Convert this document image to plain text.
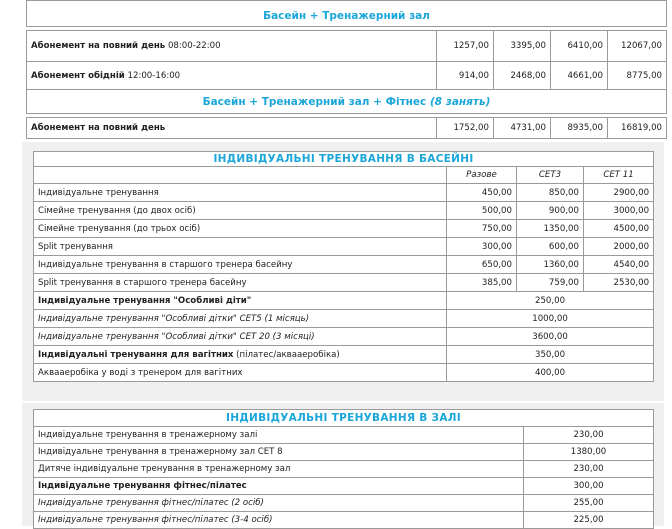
Басейн + Тренажерний зал				

Абонемент на повний день 08:00-22:00	1257,00	3395,00	6410,00	12067,00
Абонемент обідній 12:00-16:00	914,00	2468,00	4661,00	8775,00
Басейн + Тренажерний зал + Фітнес (8 занять)				

Абонемент на повний день	1752,00	4731,00	8935,00	16819,00
ІНДИВІДУАЛЬНІ ТРЕНУВАННЯ В БАСЕЙНІ			
	Разове	СЕТ3	СЕТ 11
Індивідуальне тренування	450,00	850,00	2900,00
Сімейне тренування (до двох осіб)	500,00	900,00	3000,00
Сімейне тренування (до трьох осіб)	750,00	1350,00	4500,00
Split тренування	300,00	600,00	2000,00
Індивідуальне тренування в старшого тренера басейну	650,00	1360,00	4540,00
Split тренування в старшого тренера басейну	385,00	759,00	2530,00
Індивідуальне тренування "Особливі діти"	250,00		
Індивідуальне тренування "Особливі дітки" СЕТ5 (1 місяць)	1000,00		
Індивідуальне тренування "Особливі дітки" СЕТ 20 (3 місяці)	3600,00		
Індивідуальні тренування для вагітних (пілатес/аквааеробіка)	350,00		
Аквааеробіка у воді з тренером для вагітних	400,00		
ІНДИВІДУАЛЬНІ ТРЕНУВАННЯ В ЗАЛІ	
Індивідуальне тренування в тренажерному залі	230,00
Індивідуальне тренування в тренажерному зал СЕТ 8	1380,00
Дитяче індивідуальне тренування в тренажерному зал	230,00
Індивідуальне тренування фітнес/пілатес	300,00
Індивідуальне тренування фітнес/пілатес (2 осіб)	255,00
Індивідуальне тренування фітнес/пілатес (3-4 осіб)	225,00
